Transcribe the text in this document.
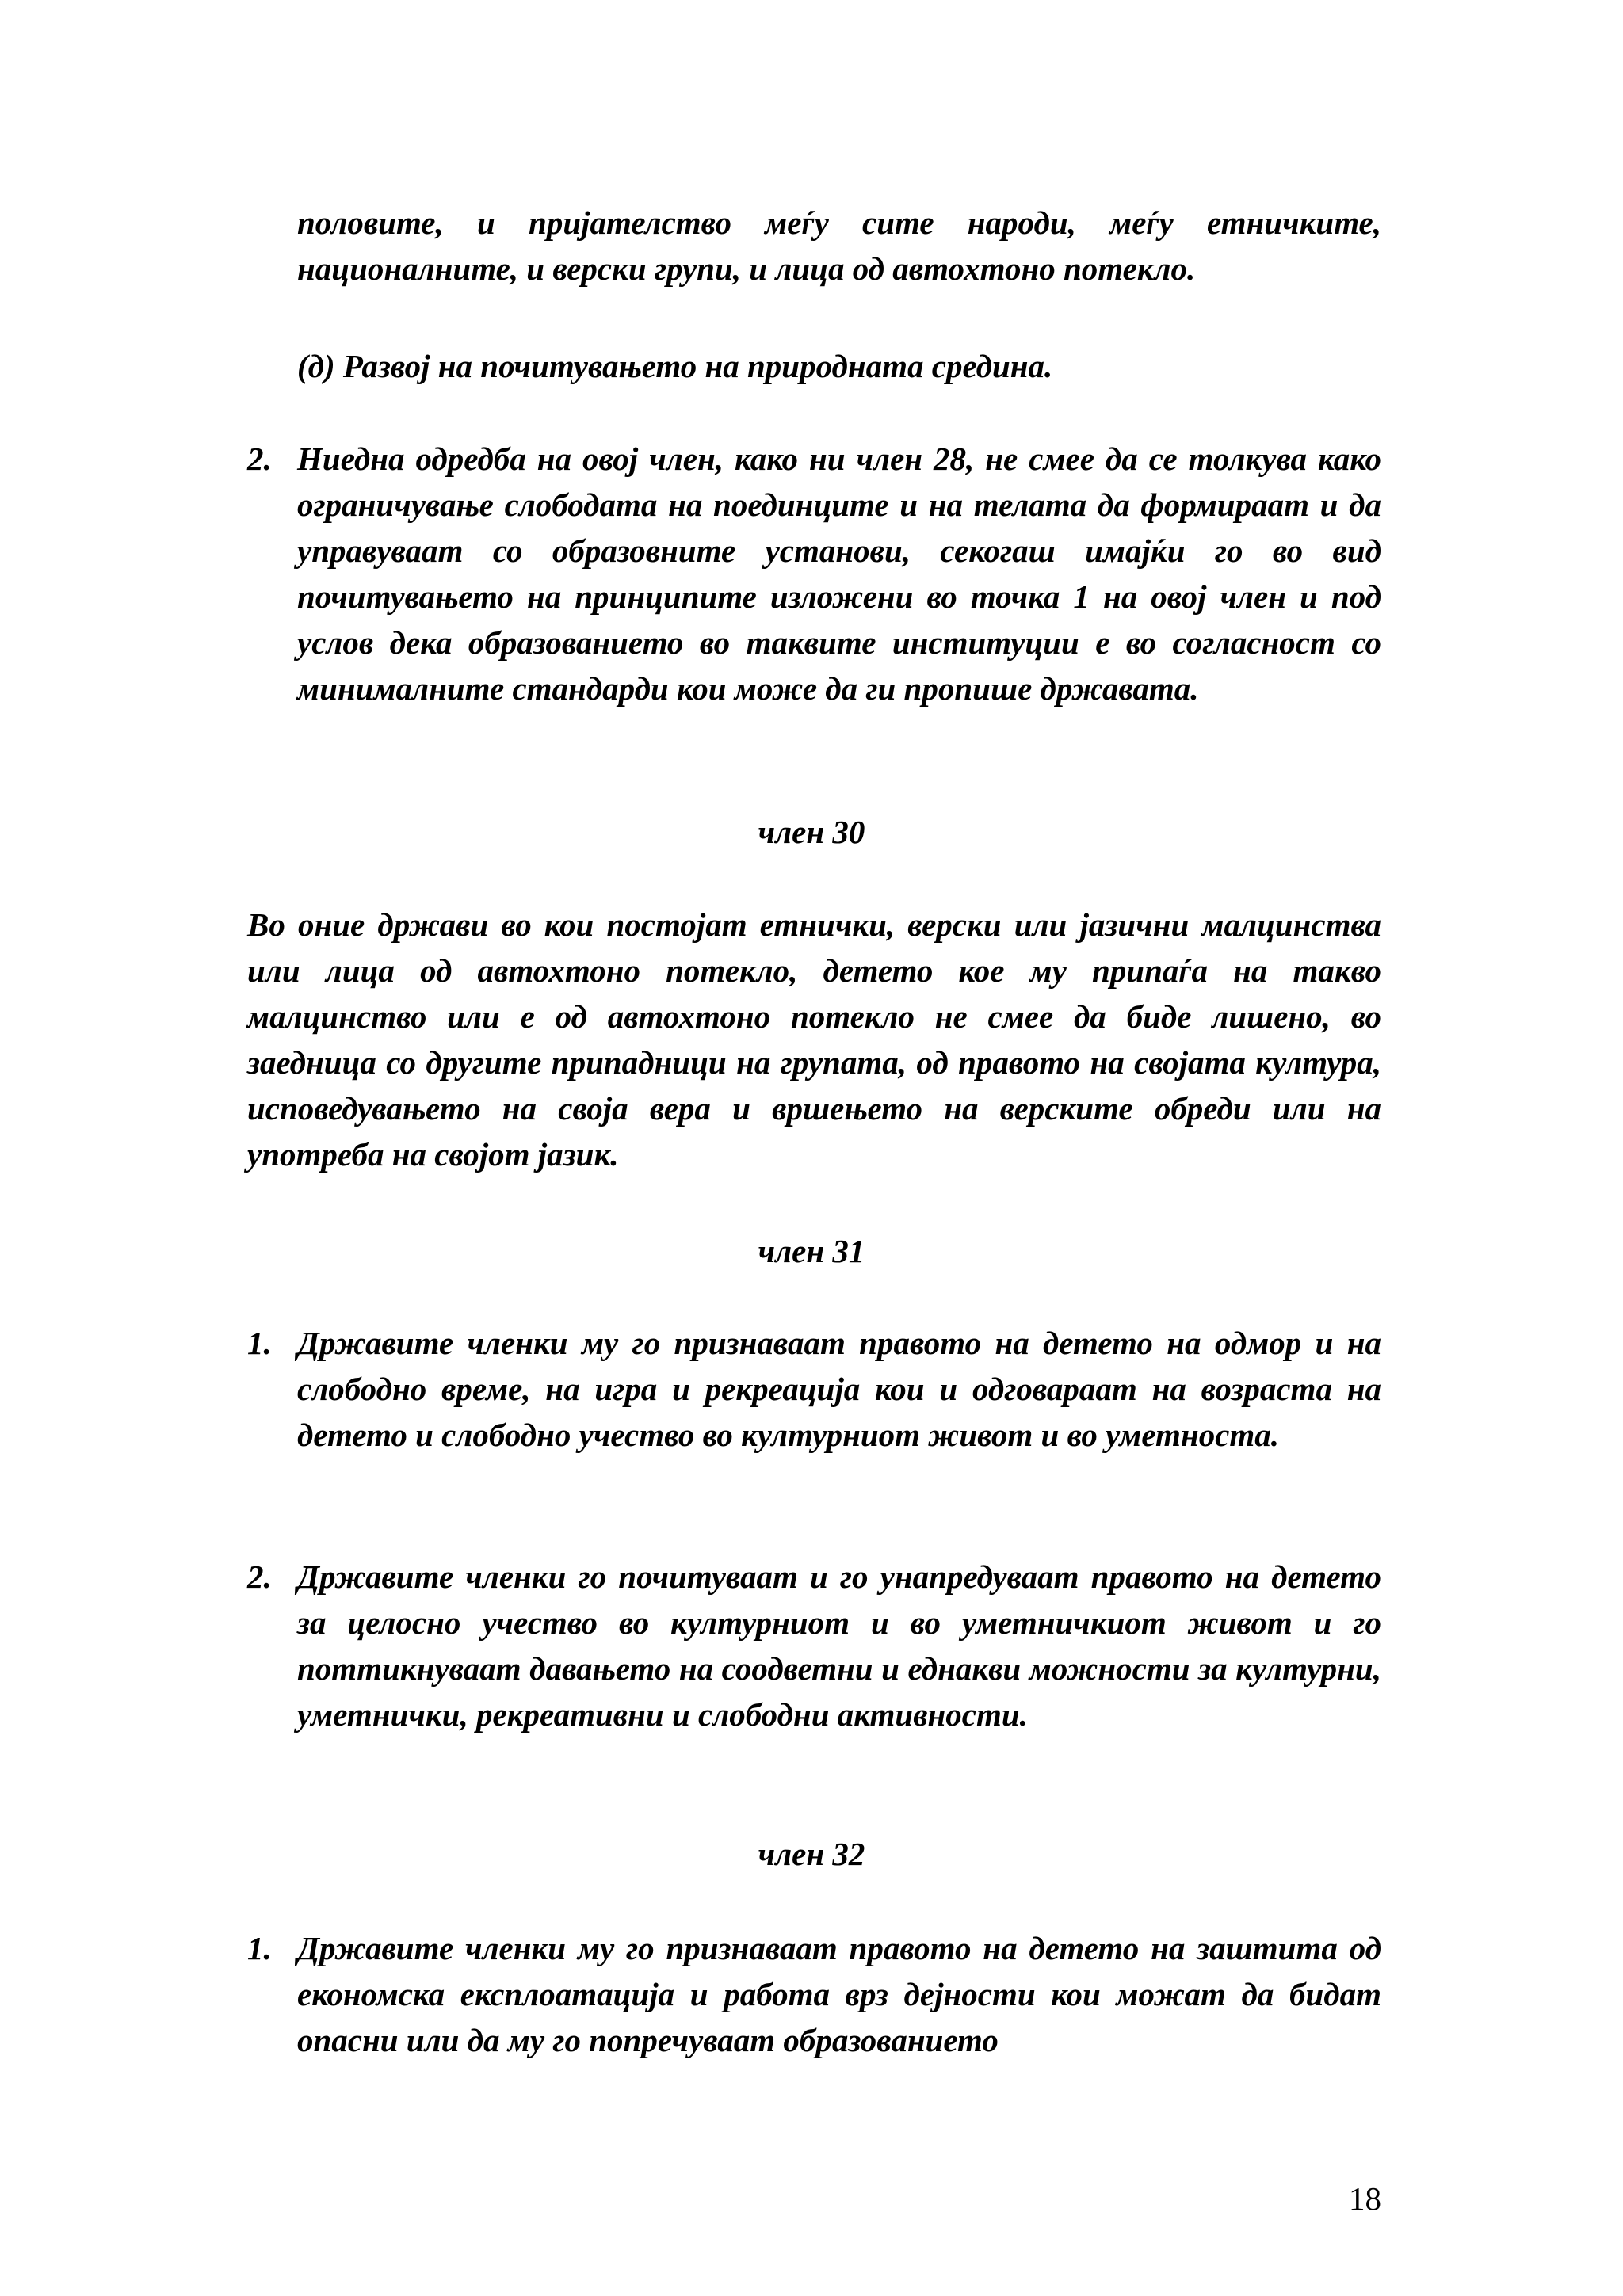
половите, и пријателство меѓу сите народи, меѓу етничките, националните, и верски групи, и лица од автохтоно потекло.
(д) Развој на почитувањето на природната средина.
2. Ниедна одредба на овој член, како ни член 28, не смее да се толкува како ограничување слободата на поединците и на телата да формираат и да управуваат со образовните установи, секогаш имајќи го во вид почитувањето на принципите изложени во точка 1 на овој член и под услов дека образованието во таквите институции е во согласност со минималните стандарди кои може да ги пропише државата.
член 30
Во оние држави во кои постојат етнички, верски или јазични малцинства или лица од автохтоно потекло, детето кое му припаѓа на такво малцинство или е од автохтоно потекло не смее да биде лишено, во заедница со другите припадници на групата, од правото на својата култура, исповедувањето на своја вера и вршењето на верските обреди или на употреба на својот јазик.
член 31
1. Државите членки му го признаваат правото на детето на одмор и на слободно време, на игра и рекреација кои и одговараат на возраста на детето и слободно учество во културниот живот и во уметноста.
2. Државите членки го почитуваат и го унапредуваат правото на детето за целосно учество во културниот и во уметничкиот живот и го поттикнуваат давањето на соодветни и еднакви можности за културни, уметнички, рекреативни и слободни активности.
член 32
1. Државите членки му го признаваат правото на детето на заштита од економска експлоатација и работа врз дејности кои можат да бидат опасни или да му го попречуваат образованието
18
